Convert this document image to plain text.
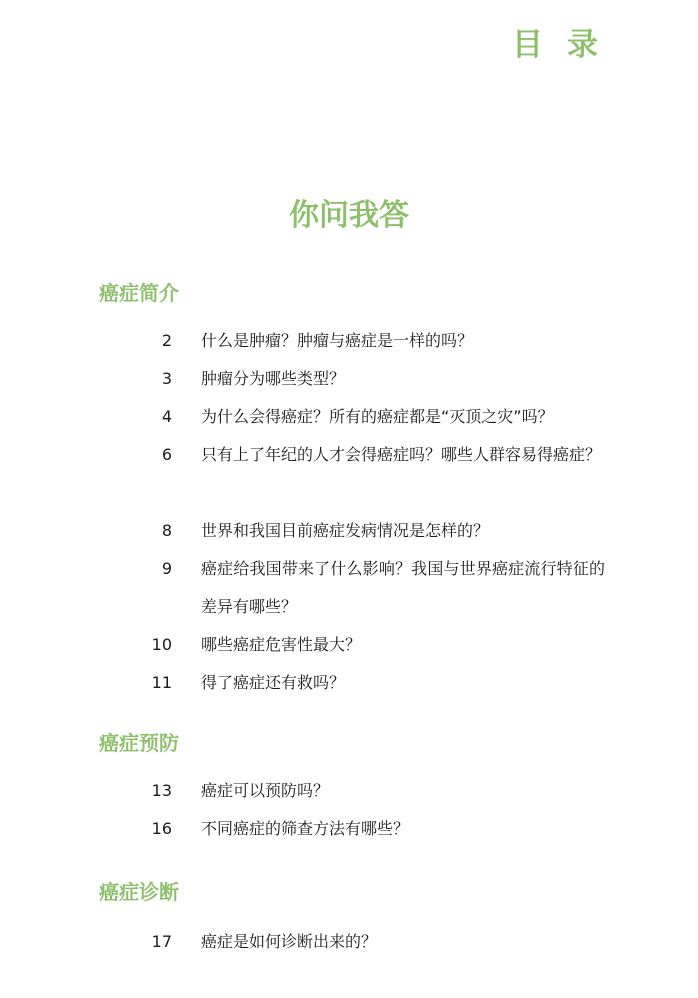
目录
你问我答
癌症简介
2 什么是肿瘤？肿瘤与癌症是一样的吗？
3 肿瘤分为哪些类型？
4 为什么会得癌症？所有的癌症都是“灭顶之灾”吗？
6 只有上了年纪的人才会得癌症吗？哪些人群容易得癌症？
8 世界和我国目前癌症发病情况是怎样的？
9 癌症给我国带来了什么影响？我国与世界癌症流行特征的差异有哪些？
10 哪些癌症危害性最大？
11 得了癌症还有救吗？
癌症预防
13 癌症可以预防吗？
16 不同癌症的筛查方法有哪些？
癌症诊断
17 癌症是如何诊断出来的？
